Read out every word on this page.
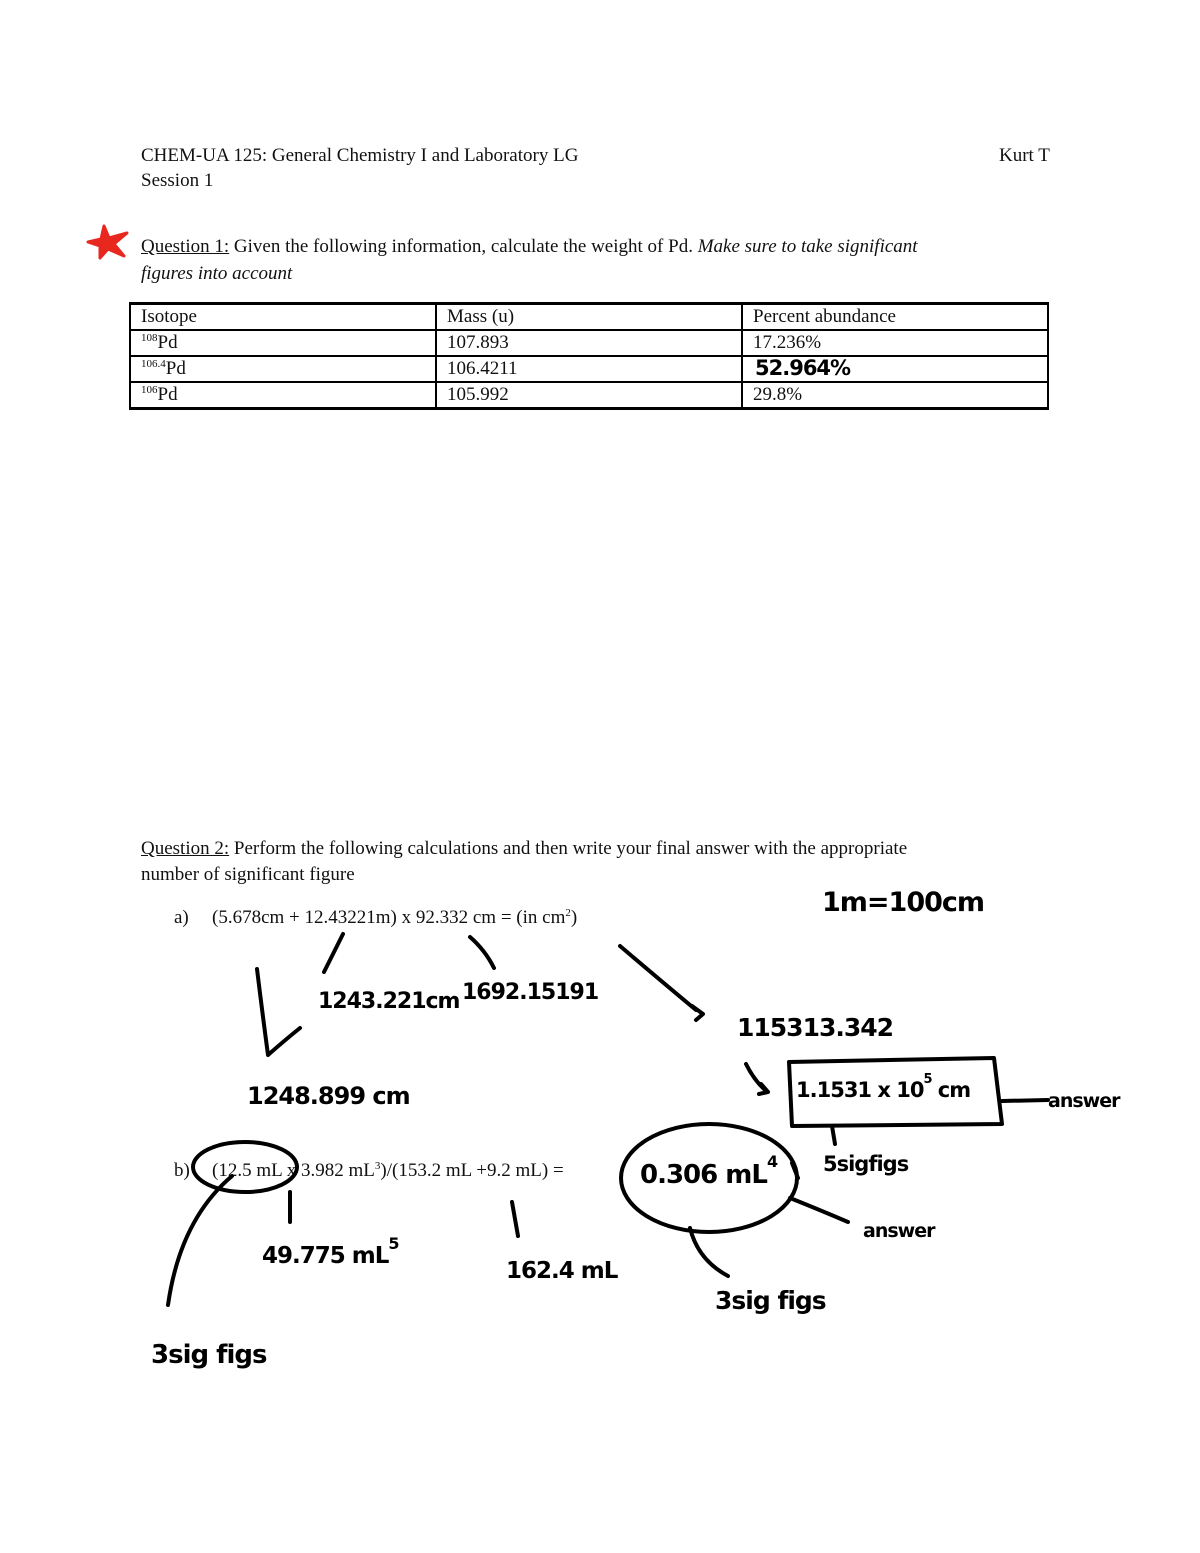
CHEM-UA 125: General Chemistry I and Laboratory LG
Session 1
Kurt T
Question 1: Given the following information, calculate the weight of Pd. Make sure to take significant
figures into account
Isotope	Mass (u)	Percent abundance
$^{108}$Pd	107.893	17.236%
$^{106.4}$Pd	106.4211	52.964%

$^{106}$Pd	105.992	29.8%
Question 2: Perform the following calculations and then write your final answer with the appropriate
number of significant figure
a) (5.678cm + 12.43221m) x 92.332 cm = (in $cm^2$)
b) (12.5 mL x 3.982 $mL^3)/(153.2$ mL +9.2 mL) =
1m=100cm
1243.221cm 1692.15191
1248.899 cm
115313.342
1.1531 x $10^5$ cm	answer
5sigfigs
0.306 $mL^4$
answer
49.775 $mL^5$
162.4 mL
3sig figs
3sig figs
